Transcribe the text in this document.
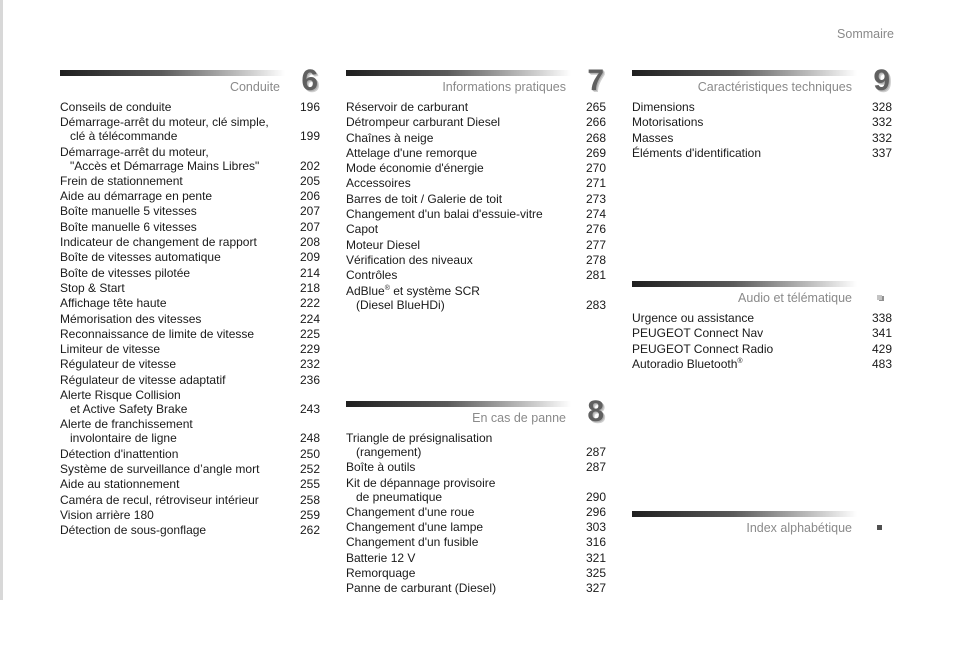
Sommaire
Conduite 6
Conseils de conduite	196
Démarrage-arrêt du moteur, clé simple,
clé à télécommande	199
Démarrage-arrêt du moteur,
"Accès et Démarrage Mains Libres"	202
Frein de stationnement	205
Aide au démarrage en pente	206
Boîte manuelle 5 vitesses	207
Boîte manuelle 6 vitesses	207
Indicateur de changement de rapport	208
Boîte de vitesses automatique	209
Boîte de vitesses pilotée	214
Stop & Start	218
Affichage tête haute	222
Mémorisation des vitesses	224
Reconnaissance de limite de vitesse	225
Limiteur de vitesse	229
Régulateur de vitesse	232
Régulateur de vitesse adaptatif	236
Alerte Risque Collision
et Active Safety Brake	243
Alerte de franchissement
involontaire de ligne	248
Détection d'inattention	250
Système de surveillance d’angle mort	252
Aide au stationnement	255
Caméra de recul, rétroviseur intérieur	258
Vision arrière 180	259
Détection de sous-gonflage	262
Informations pratiques 7
Réservoir de carburant	265
Détrompeur carburant Diesel	266
Chaînes à neige	268
Attelage d'une remorque	269
Mode économie d'énergie	270
Accessoires	271
Barres de toit / Galerie de toit	273
Changement d'un balai d'essuie-vitre	274
Capot	276
Moteur Diesel	277
Vérification des niveaux	278
Contrôles	281
AdBlue® et système SCR
(Diesel BlueHDi)	283
En cas de panne 8
Triangle de présignalisation
(rangement)	287
Boîte à outils	287
Kit de dépannage provisoire
de pneumatique	290
Changement d'une roue	296
Changement d'une lampe	303
Changement d'un fusible	316
Batterie 12 V	321
Remorquage	325
Panne de carburant (Diesel)	327
Caractéristiques techniques 9
Dimensions	328
Motorisations	332
Masses	332
Éléments d'identification	337
Audio et télématique
Urgence ou assistance	338
PEUGEOT Connect Nav	341
PEUGEOT Connect Radio	429
Autoradio Bluetooth®	483
Index alphabétique
